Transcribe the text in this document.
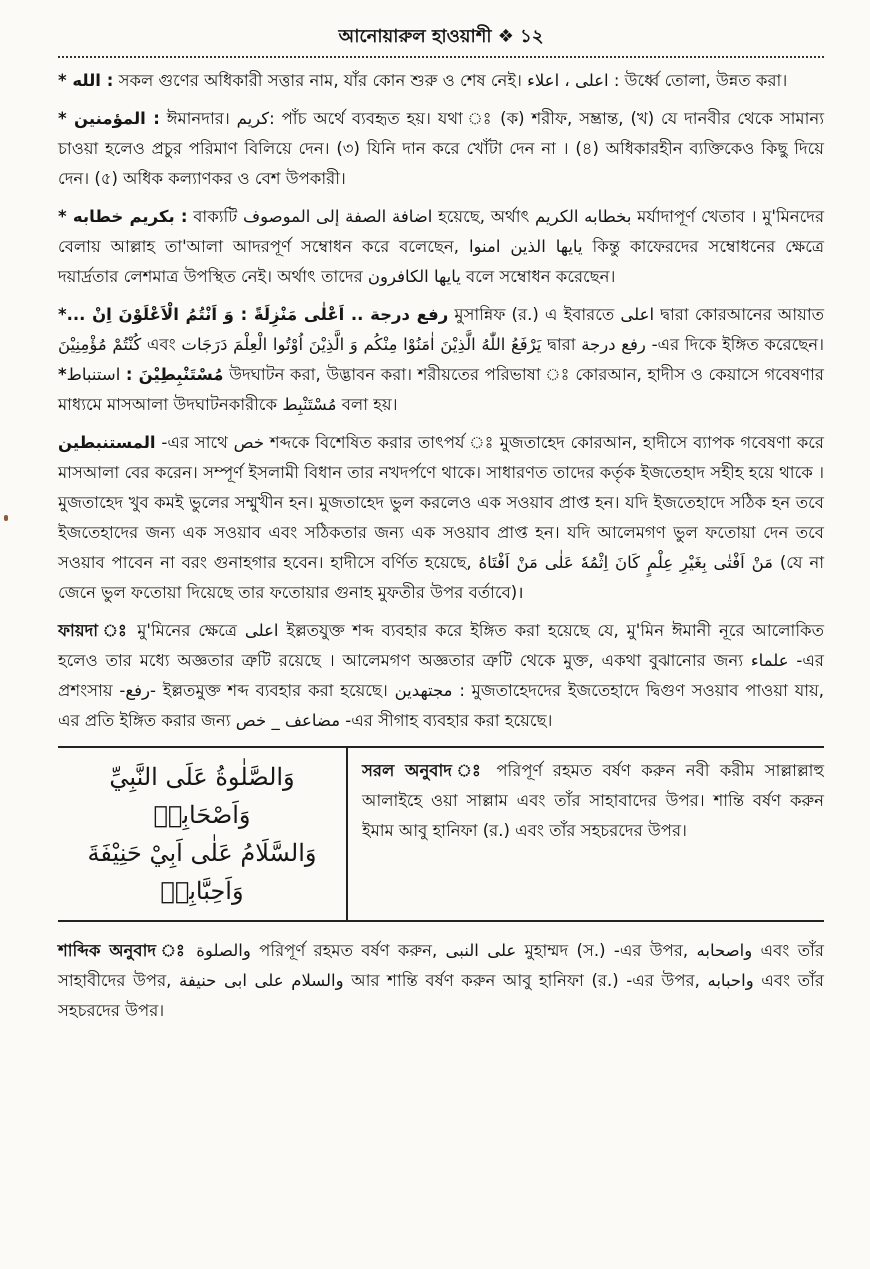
আনোয়ারুল হাওয়াশী ❖ ১২

* الله : সকল গুণের অধিকারী সত্তার নাম, যাঁর কোন শুরু ও শেষ নেই। اعلى ، اعلاء : উর্ধ্বে তোলা, উন্নত করা।

* المؤمنين : ঈমানদার। كريم: পাঁচ অর্থে ব্যবহৃত হয়। যথা ঃ (ক) শরীফ, সম্ভ্রান্ত, (খ) যে দানবীর থেকে সামান্য চাওয়া হলেও প্রচুর পরিমাণ বিলিয়ে দেন। (৩) যিনি দান করে খোঁটা দেন না । (৪) অধিকারহীন ব্যক্তিকেও কিছু দিয়ে দেন। (৫) অধিক কল্যাণকর ও বেশ উপকারী।

* بكريم خطابه : বাক্যটি اضافة الصفة إلى الموصوف হয়েছে, অর্থাৎ بخطابه الكريم মর্যাদাপূর্ণ খেতাব । মু'মিনদের বেলায় আল্লাহ তা'আলা আদরপূর্ণ সম্বোধন করে বলেছেন, يايها الذين امنوا কিন্তু কাফেরদের সম্বোধনের ক্ষেত্রে দয়ার্দ্রতার লেশমাত্র উপস্থিত নেই। অর্থাৎ তাদের يايها الكافرون বলে সম্বোধন করেছেন।

*... رفع درجة .. اَعْلٰى مَنْزِلَةً : وَ اَنْتُمُ الْاَعْلَوْنَ اِنْ মুসান্নিফ (র.) এ ইবারতে اعلى দ্বারা কোরআনের আয়াত كُنْتُمْ مُؤْمِنِيْنَ এবং يَرْفَعُ اللّٰهُ الَّذِيْنَ اٰمَنُوْا مِنْكُم وَ الَّذِيْنَ اُوْتُوا الْعِلْمَ دَرَجَات দ্বারা رفع درجة -এর দিকে ইঙ্গিত করেছেন। *مُسْتَنْبِطِيْنَ : استنباط উদঘাটন করা, উদ্ভাবন করা। শরীয়তের পরিভাষা ঃ কোরআন, হাদীস ও কেয়াসে গবেষণার মাধ্যমে মাসআলা উদঘাটনকারীকে مُسْتَنْبِط বলা হয়।

المستنبطين -এর সাথে خص শব্দকে বিশেষিত করার তাৎপর্য ঃ মুজতাহেদ কোরআন, হাদীসে ব্যাপক গবেষণা করে মাসআলা বের করেন। সম্পূর্ণ ইসলামী বিধান তার নখদর্পণে থাকে। সাধারণত তাদের কর্তৃক ইজতেহাদ সহীহ হয়ে থাকে । মুজতাহেদ খুব কমই ভুলের সম্মুখীন হন। মুজতাহেদ ভুল করলেও এক সওয়াব প্রাপ্ত হন। যদি ইজতেহাদে সঠিক হন তবে ইজতেহাদের জন্য এক সওয়াব এবং সঠিকতার জন্য এক সওয়াব প্রাপ্ত হন। যদি আলেমগণ ভুল ফতোয়া দেন তবে সওয়াব পাবেন না বরং গুনাহগার হবেন। হাদীসে বর্ণিত হয়েছে, مَنْ اَفْتٰى بِغَيْرِ عِلْمٍ كَانَ اِثْمُهٗ عَلٰى مَنْ اَفْتَاهُ (যে না জেনে ভুল ফতোয়া দিয়েছে তার ফতোয়ার গুনাহ মুফতীর উপর বর্তাবে)।

ফায়দা ঃ মু'মিনের ক্ষেত্রে اعلى ইল্লতযুক্ত শব্দ ব্যবহার করে ইঙ্গিত করা হয়েছে যে, মু'মিন ঈমানী নূরে আলোকিত হলেও তার মধ্যে অজ্ঞতার ত্রুটি রয়েছে । আলেমগণ অজ্ঞতার ত্রুটি থেকে মুক্ত, একথা বুঝানোর জন্য علماء -এর প্রশংসায় -رفع- ইল্লতমুক্ত শব্দ ব্যবহার করা হয়েছে। مجتهدين : মুজতাহেদদের ইজতেহাদে দ্বিগুণ সওয়াব পাওয়া যায়, এর প্রতি ইঙ্গিত করার জন্য مضاعف _ خص -এর সীগাহ ব্যবহার করা হয়েছে।

وَالصَّلٰوةُ عَلَى النَّبِيِّ وَاَصْحَابِهٖ
وَالسَّلَامُ عَلٰى اَبِيْ حَنِيْفَةَ وَاَحِبَّابِهٖ
সরল অনুবাদ ঃ পরিপূর্ণ রহমত বর্ষণ করুন নবী করীম সাল্লাল্লাহু আলাইহে ওয়া সাল্লাম এবং তাঁর সাহাবাদের উপর। শান্তি বর্ষণ করুন ইমাম আবু হানিফা (র.) এবং তাঁর সহচরদের উপর।

শাব্দিক অনুবাদ ঃ والصلوة পরিপূর্ণ রহমত বর্ষণ করুন, على النبى মুহাম্মদ (স.) -এর উপর, واصحابه এবং তাঁর সাহাবীদের উপর, والسلام على ابى حنيفة আর শান্তি বর্ষণ করুন আবু হানিফা (র.) -এর উপর, واحبابه এবং তাঁর সহচরদের উপর।
